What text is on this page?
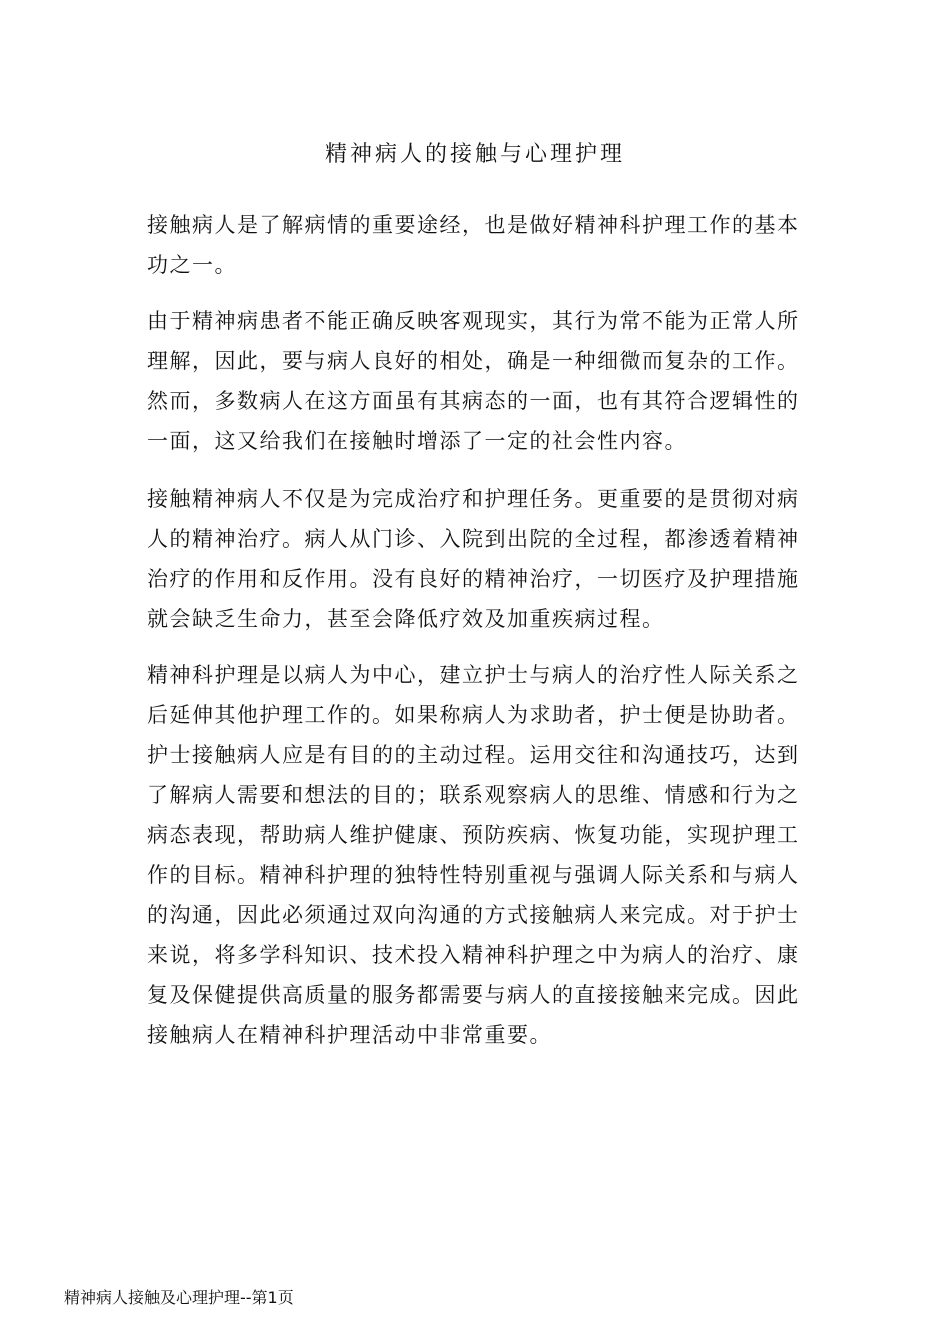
精神病人的接触与心理护理

接触病人是了解病情的重要途经，也是做好精神科护理工作的基本功之一。

由于精神病患者不能正确反映客观现实，其行为常不能为正常人所理解，因此，要与病人良好的相处，确是一种细微而复杂的工作。然而，多数病人在这方面虽有其病态的一面，也有其符合逻辑性的一面，这又给我们在接触时增添了一定的社会性内容。

接触精神病人不仅是为完成治疗和护理任务。更重要的是贯彻对病人的精神治疗。病人从门诊、入院到出院的全过程，都渗透着精神治疗的作用和反作用。没有良好的精神治疗，一切医疗及护理措施就会缺乏生命力，甚至会降低疗效及加重疾病过程。

精神科护理是以病人为中心，建立护士与病人的治疗性人际关系之后延伸其他护理工作的。如果称病人为求助者，护士便是协助者。护士接触病人应是有目的的主动过程。运用交往和沟通技巧，达到了解病人需要和想法的目的；联系观察病人的思维、情感和行为之病态表现，帮助病人维护健康、预防疾病、恢复功能，实现护理工作的目标。精神科护理的独特性特别重视与强调人际关系和与病人的沟通，因此必须通过双向沟通的方式接触病人来完成。对于护士来说，将多学科知识、技术投入精神科护理之中为病人的治疗、康复及保健提供高质量的服务都需要与病人的直接接触来完成。因此接触病人在精神科护理活动中非常重要。

精神病人接触及心理护理--第1页
